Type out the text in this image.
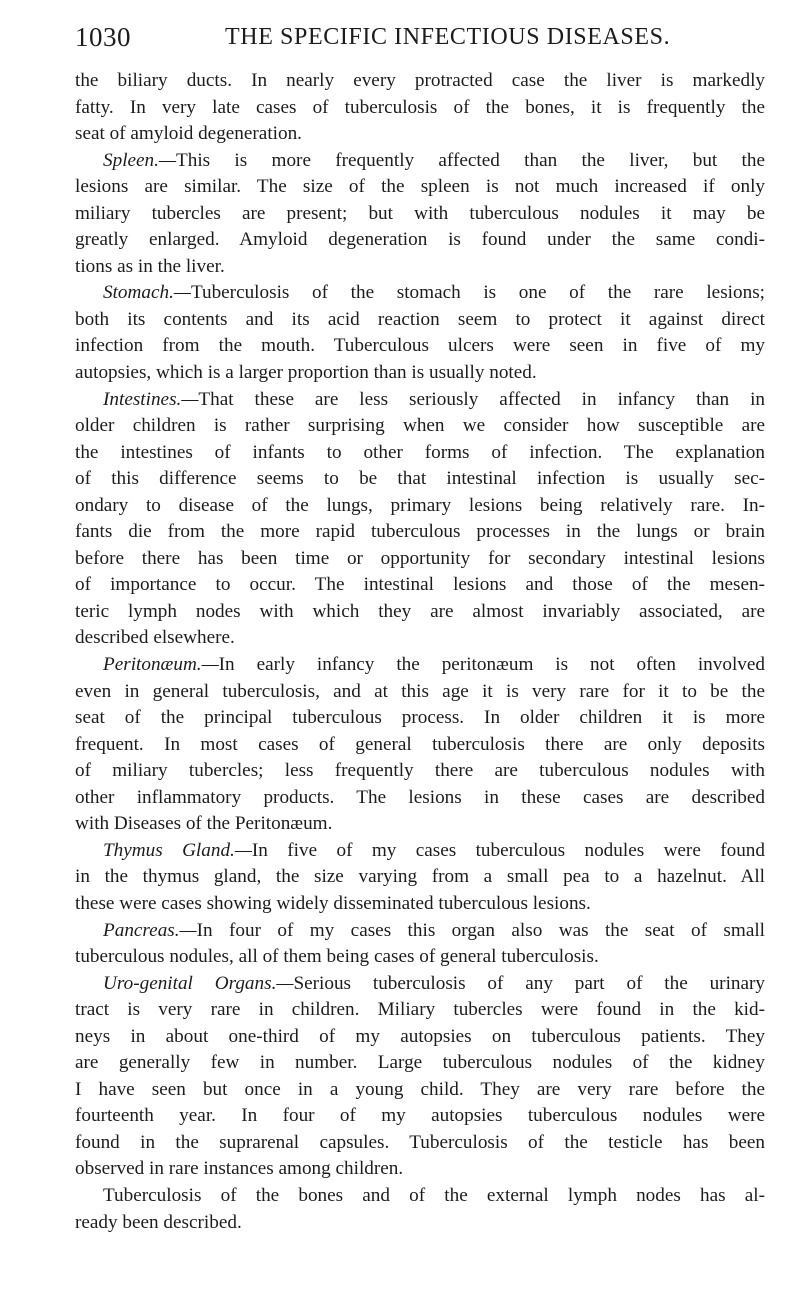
1030	THE SPECIFIC INFECTIOUS DISEASES.
the biliary ducts. In nearly every protracted case the liver is markedly
fatty. In very late cases of tuberculosis of the bones, it is frequently the
seat of amyloid degeneration.
Spleen.—This is more frequently affected than the liver, but the
lesions are similar. The size of the spleen is not much increased if only
miliary tubercles are present; but with tuberculous nodules it may be
greatly enlarged. Amyloid degeneration is found under the same condi-
tions as in the liver.
Stomach.—Tuberculosis of the stomach is one of the rare lesions;
both its contents and its acid reaction seem to protect it against direct
infection from the mouth. Tuberculous ulcers were seen in five of my
autopsies, which is a larger proportion than is usually noted.
Intestines.—That these are less seriously affected in infancy than in
older children is rather surprising when we consider how susceptible are
the intestines of infants to other forms of infection. The explanation
of this difference seems to be that intestinal infection is usually sec-
ondary to disease of the lungs, primary lesions being relatively rare. In-
fants die from the more rapid tuberculous processes in the lungs or brain
before there has been time or opportunity for secondary intestinal lesions
of importance to occur. The intestinal lesions and those of the mesen-
teric lymph nodes with which they are almost invariably associated, are
described elsewhere.
Peritonæum.—In early infancy the peritonæum is not often involved
even in general tuberculosis, and at this age it is very rare for it to be the
seat of the principal tuberculous process. In older children it is more
frequent. In most cases of general tuberculosis there are only deposits
of miliary tubercles; less frequently there are tuberculous nodules with
other inflammatory products. The lesions in these cases are described
with Diseases of the Peritonæum.
Thymus Gland.—In five of my cases tuberculous nodules were found
in the thymus gland, the size varying from a small pea to a hazelnut. All
these were cases showing widely disseminated tuberculous lesions.
Pancreas.—In four of my cases this organ also was the seat of small
tuberculous nodules, all of them being cases of general tuberculosis.
Uro-genital Organs.—Serious tuberculosis of any part of the urinary
tract is very rare in children. Miliary tubercles were found in the kid-
neys in about one-third of my autopsies on tuberculous patients. They
are generally few in number. Large tuberculous nodules of the kidney
I have seen but once in a young child. They are very rare before the
fourteenth year. In four of my autopsies tuberculous nodules were
found in the suprarenal capsules. Tuberculosis of the testicle has been
observed in rare instances among children.
Tuberculosis of the bones and of the external lymph nodes has al-
ready been described.
